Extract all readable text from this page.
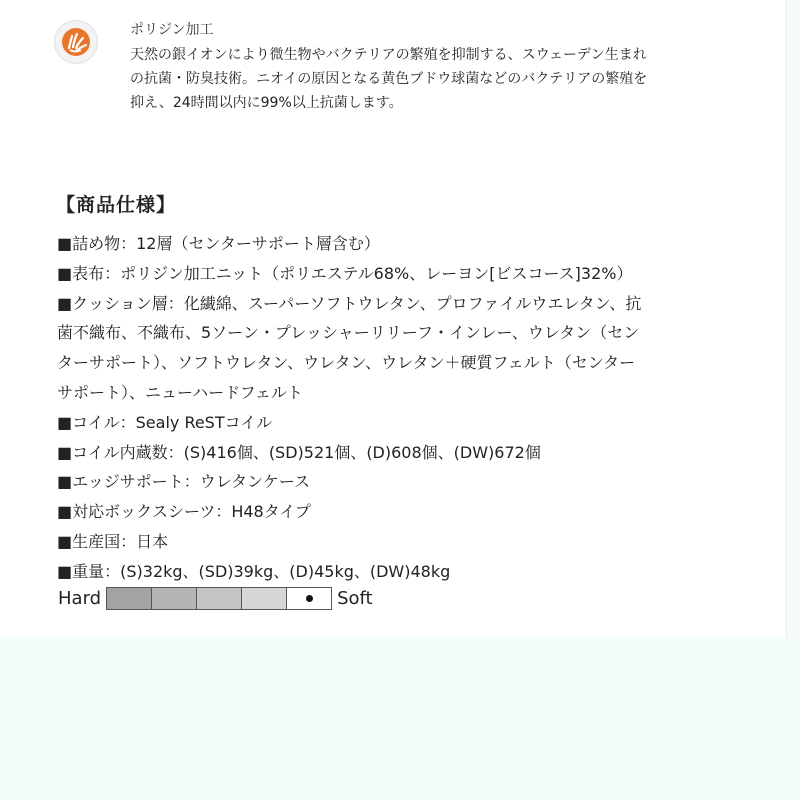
ポリジン加工

天然の銀イオンにより微生物やバクテリアの繁殖を抑制する、スウェーデン生まれ
の抗菌・防臭技術。ニオイの原因となる黄色ブドウ球菌などのバクテリアの繁殖を
抑え、24時間以内に99%以上抗菌します。

【商品仕様】
■詰め物：12層（センターサポート層含む）
■表布：ポリジン加工ニット（ポリエステル68%、レーヨン[ビスコース]32%）
■クッション層：化繊綿、スーパーソフトウレタン、プロファイルウエレタン、抗
菌不織布、不織布、5ソーン・プレッシャーリリーフ・インレー、ウレタン（セン
ターサポート）、ソフトウレタン、ウレタン、ウレタン＋硬質フェルト（センター
サポート）、ニューハードフェルト
■コイル：Sealy ReSTコイル
■コイル内蔵数：(S)416個、(SD)521個、(D)608個、(DW)672個
■エッジサポート：ウレタンケース
■対応ボックスシーツ：H48タイプ
■生産国：日本
■重量：(S)32kg、(SD)39kg、(D)45kg、(DW)48kg
Hard	Soft
